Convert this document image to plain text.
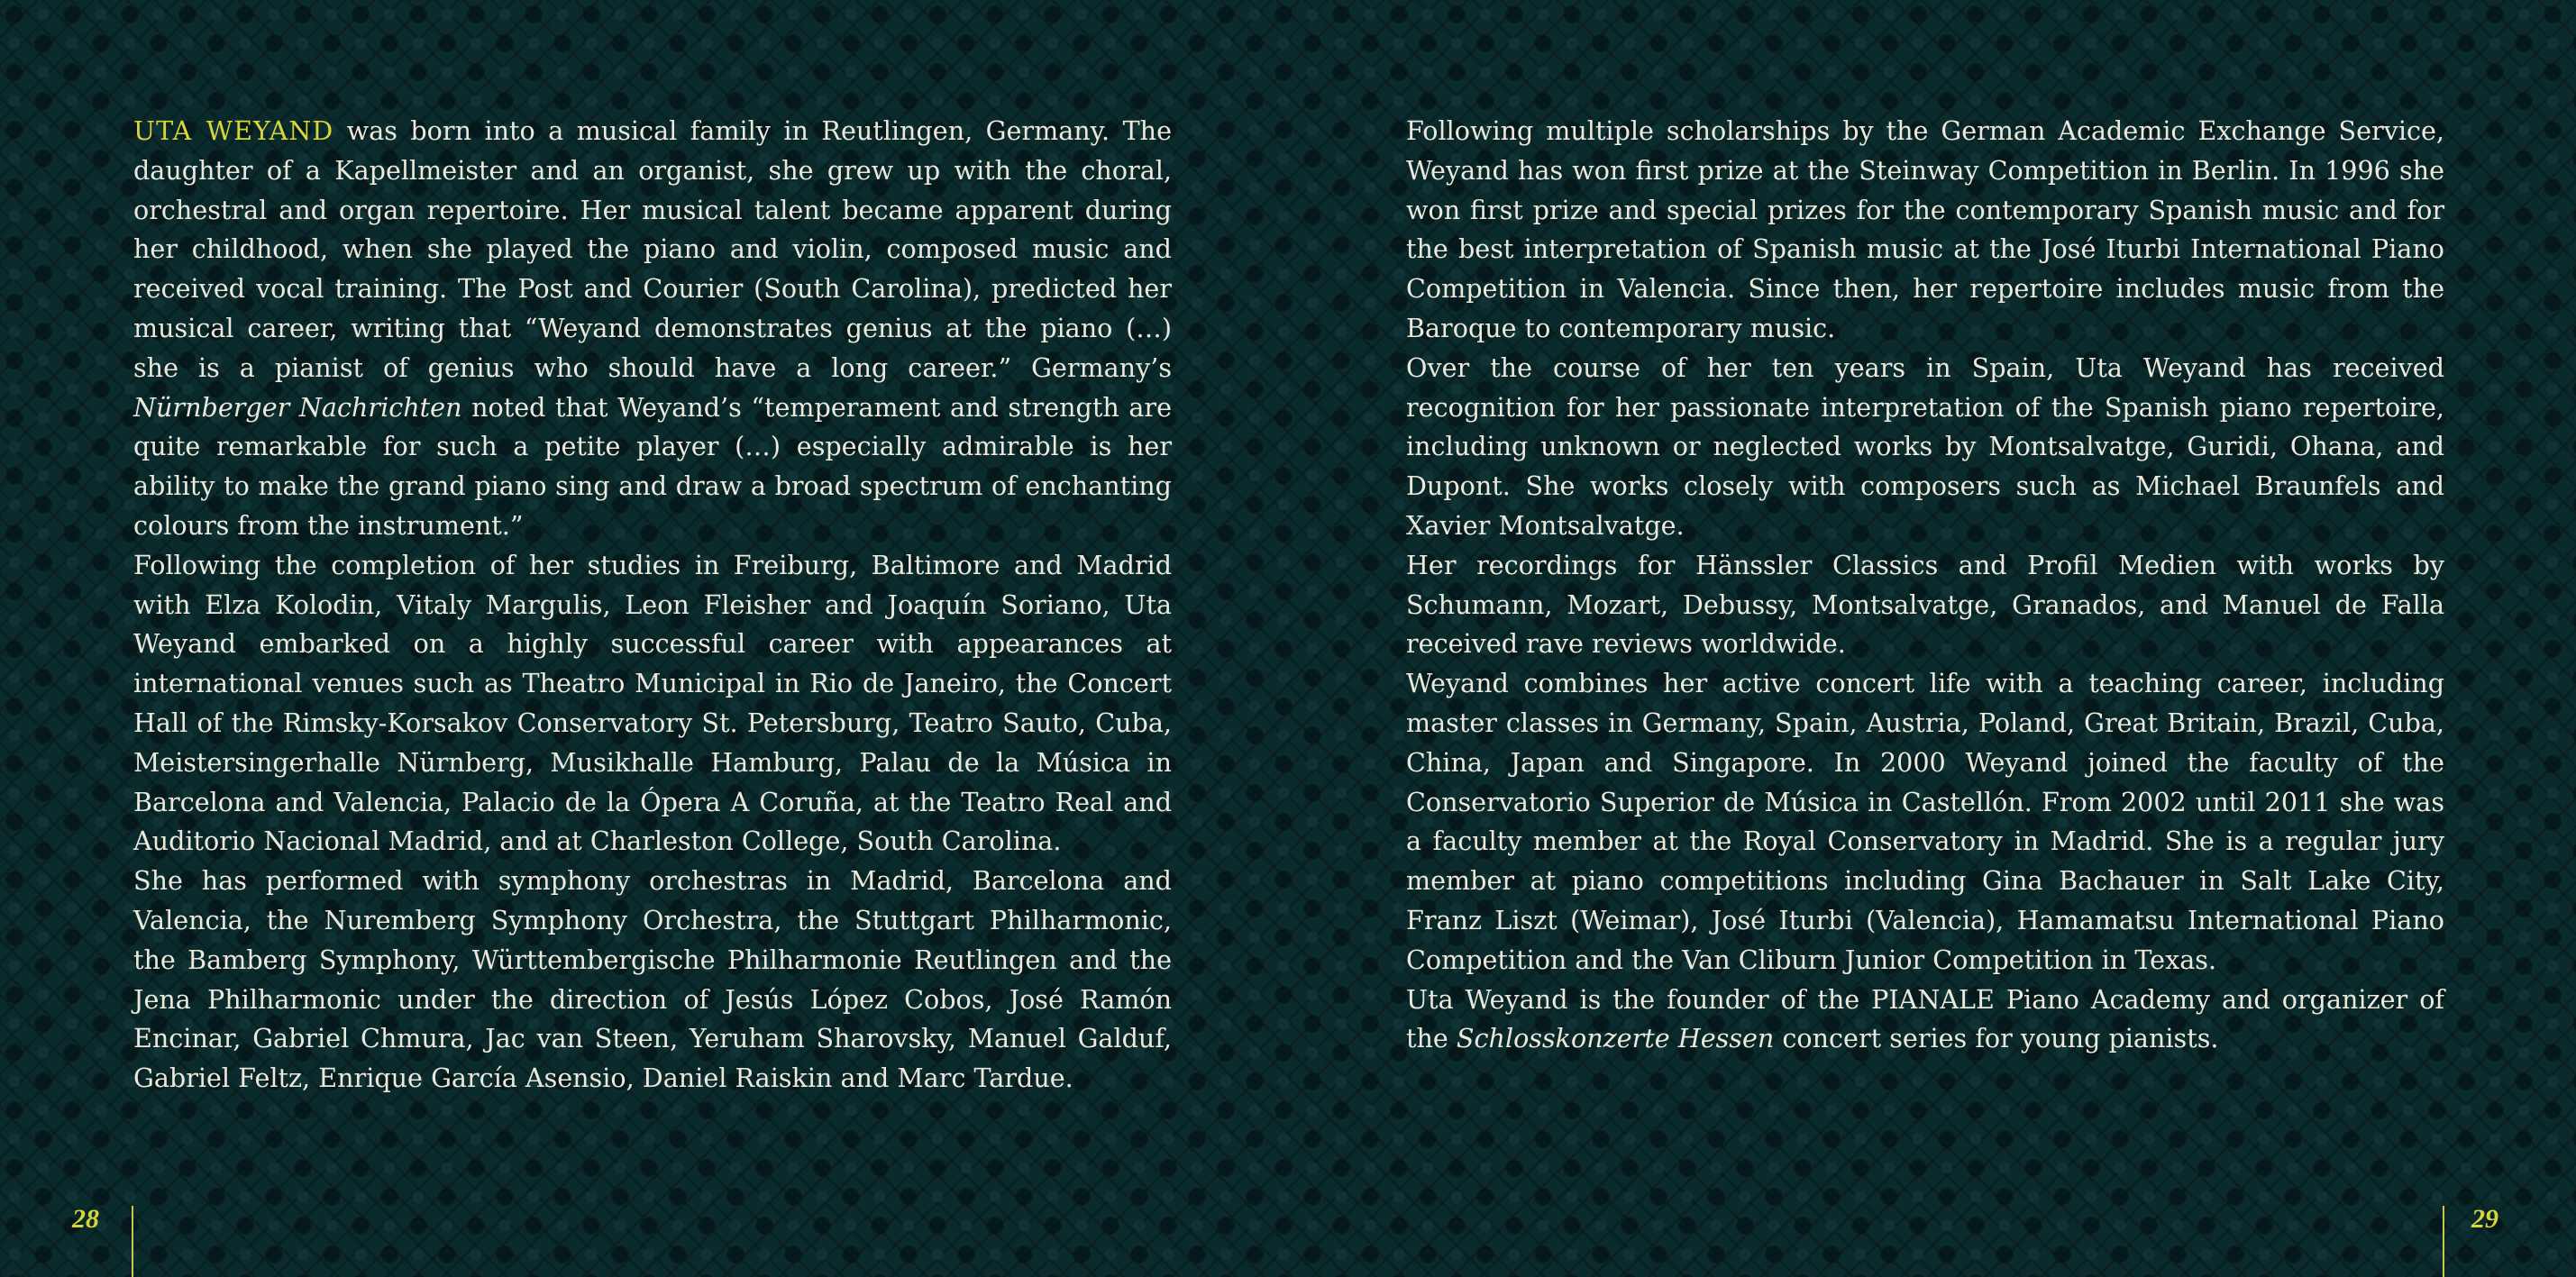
UTA WEYAND was born into a musical family in Reutlingen, Germany. The daughter of a Kapellmeister and an organist, she grew up with the choral, orchestral and organ repertoire. Her musical talent became apparent during her childhood, when she played the piano and violin, composed music and received vocal training. The Post and Courier (South Carolina), predicted her musical career, writing that “Weyand demonstrates genius at the piano (…) she is a pianist of genius who should have a long career.” Germany’s Nürnberger Nachrichten noted that Weyand’s “temperament and strength are quite remarkable for such a petite player (…) especially admirable is her ability to make the grand piano sing and draw a broad spectrum of enchanting colours from the instrument.”

Following the completion of her studies in Freiburg, Baltimore and Madrid with Elza Kolodin, Vitaly Margulis, Leon Fleisher and Joaquín Soriano, Uta Weyand embarked on a highly successful career with appearances at international venues such as Theatro Municipal in Rio de Janeiro, the Concert Hall of the Rimsky-Korsakov Conservatory St. Petersburg, Teatro Sauto, Cuba, Meistersingerhalle Nürnberg, Musikhalle Hamburg, Palau de la Música in Barcelona and Valencia, Palacio de la Ópera A Coruña, at the Teatro Real and Auditorio Nacional Madrid, and at Charleston College, South Carolina.

She has performed with symphony orchestras in Madrid, Barcelona and Valencia, the Nuremberg Symphony Orchestra, the Stuttgart Philharmonic, the Bamberg Symphony, Württembergische Philharmonie Reutlingen and the Jena Philharmonic under the direction of Jesús López Cobos, José Ramón Encinar, Gabriel Chmura, Jac van Steen, Yeruham Sharovsky, Manuel Galduf, Gabriel Feltz, Enrique García Asensio, Daniel Raiskin and Marc Tardue.

Following multiple scholarships by the German Academic Exchange Service, Weyand has won first prize at the Steinway Competition in Berlin. In 1996 she won first prize and special prizes for the contemporary Spanish music and for the best interpretation of Spanish music at the José Iturbi International Piano Competition in Valencia. Since then, her repertoire includes music from the Baroque to contemporary music.

Over the course of her ten years in Spain, Uta Weyand has received recognition for her passionate interpretation of the Spanish piano repertoire, including unknown or neglected works by Montsalvatge, Guridi, Ohana, and Dupont. She works closely with composers such as Michael Braunfels and Xavier Montsalvatge.

Her recordings for Hänssler Classics and Profil Medien with works by Schumann, Mozart, Debussy, Montsalvatge, Granados, and Manuel de Falla received rave reviews worldwide.

Weyand combines her active concert life with a teaching career, including master classes in Germany, Spain, Austria, Poland, Great Britain, Brazil, Cuba, China, Japan and Singapore. In 2000 Weyand joined the faculty of the Conservatorio Superior de Música in Castellón. From 2002 until 2011 she was a faculty member at the Royal Conservatory in Madrid. She is a regular jury member at piano competitions including Gina Bachauer in Salt Lake City, Franz Liszt (Weimar), José Iturbi (Valencia), Hamamatsu International Piano Competition and the Van Cliburn Junior Competition in Texas.

Uta Weyand is the founder of the PIANALE Piano Academy and organizer of the Schlosskonzerte Hessen concert series for young pianists.

28	29
